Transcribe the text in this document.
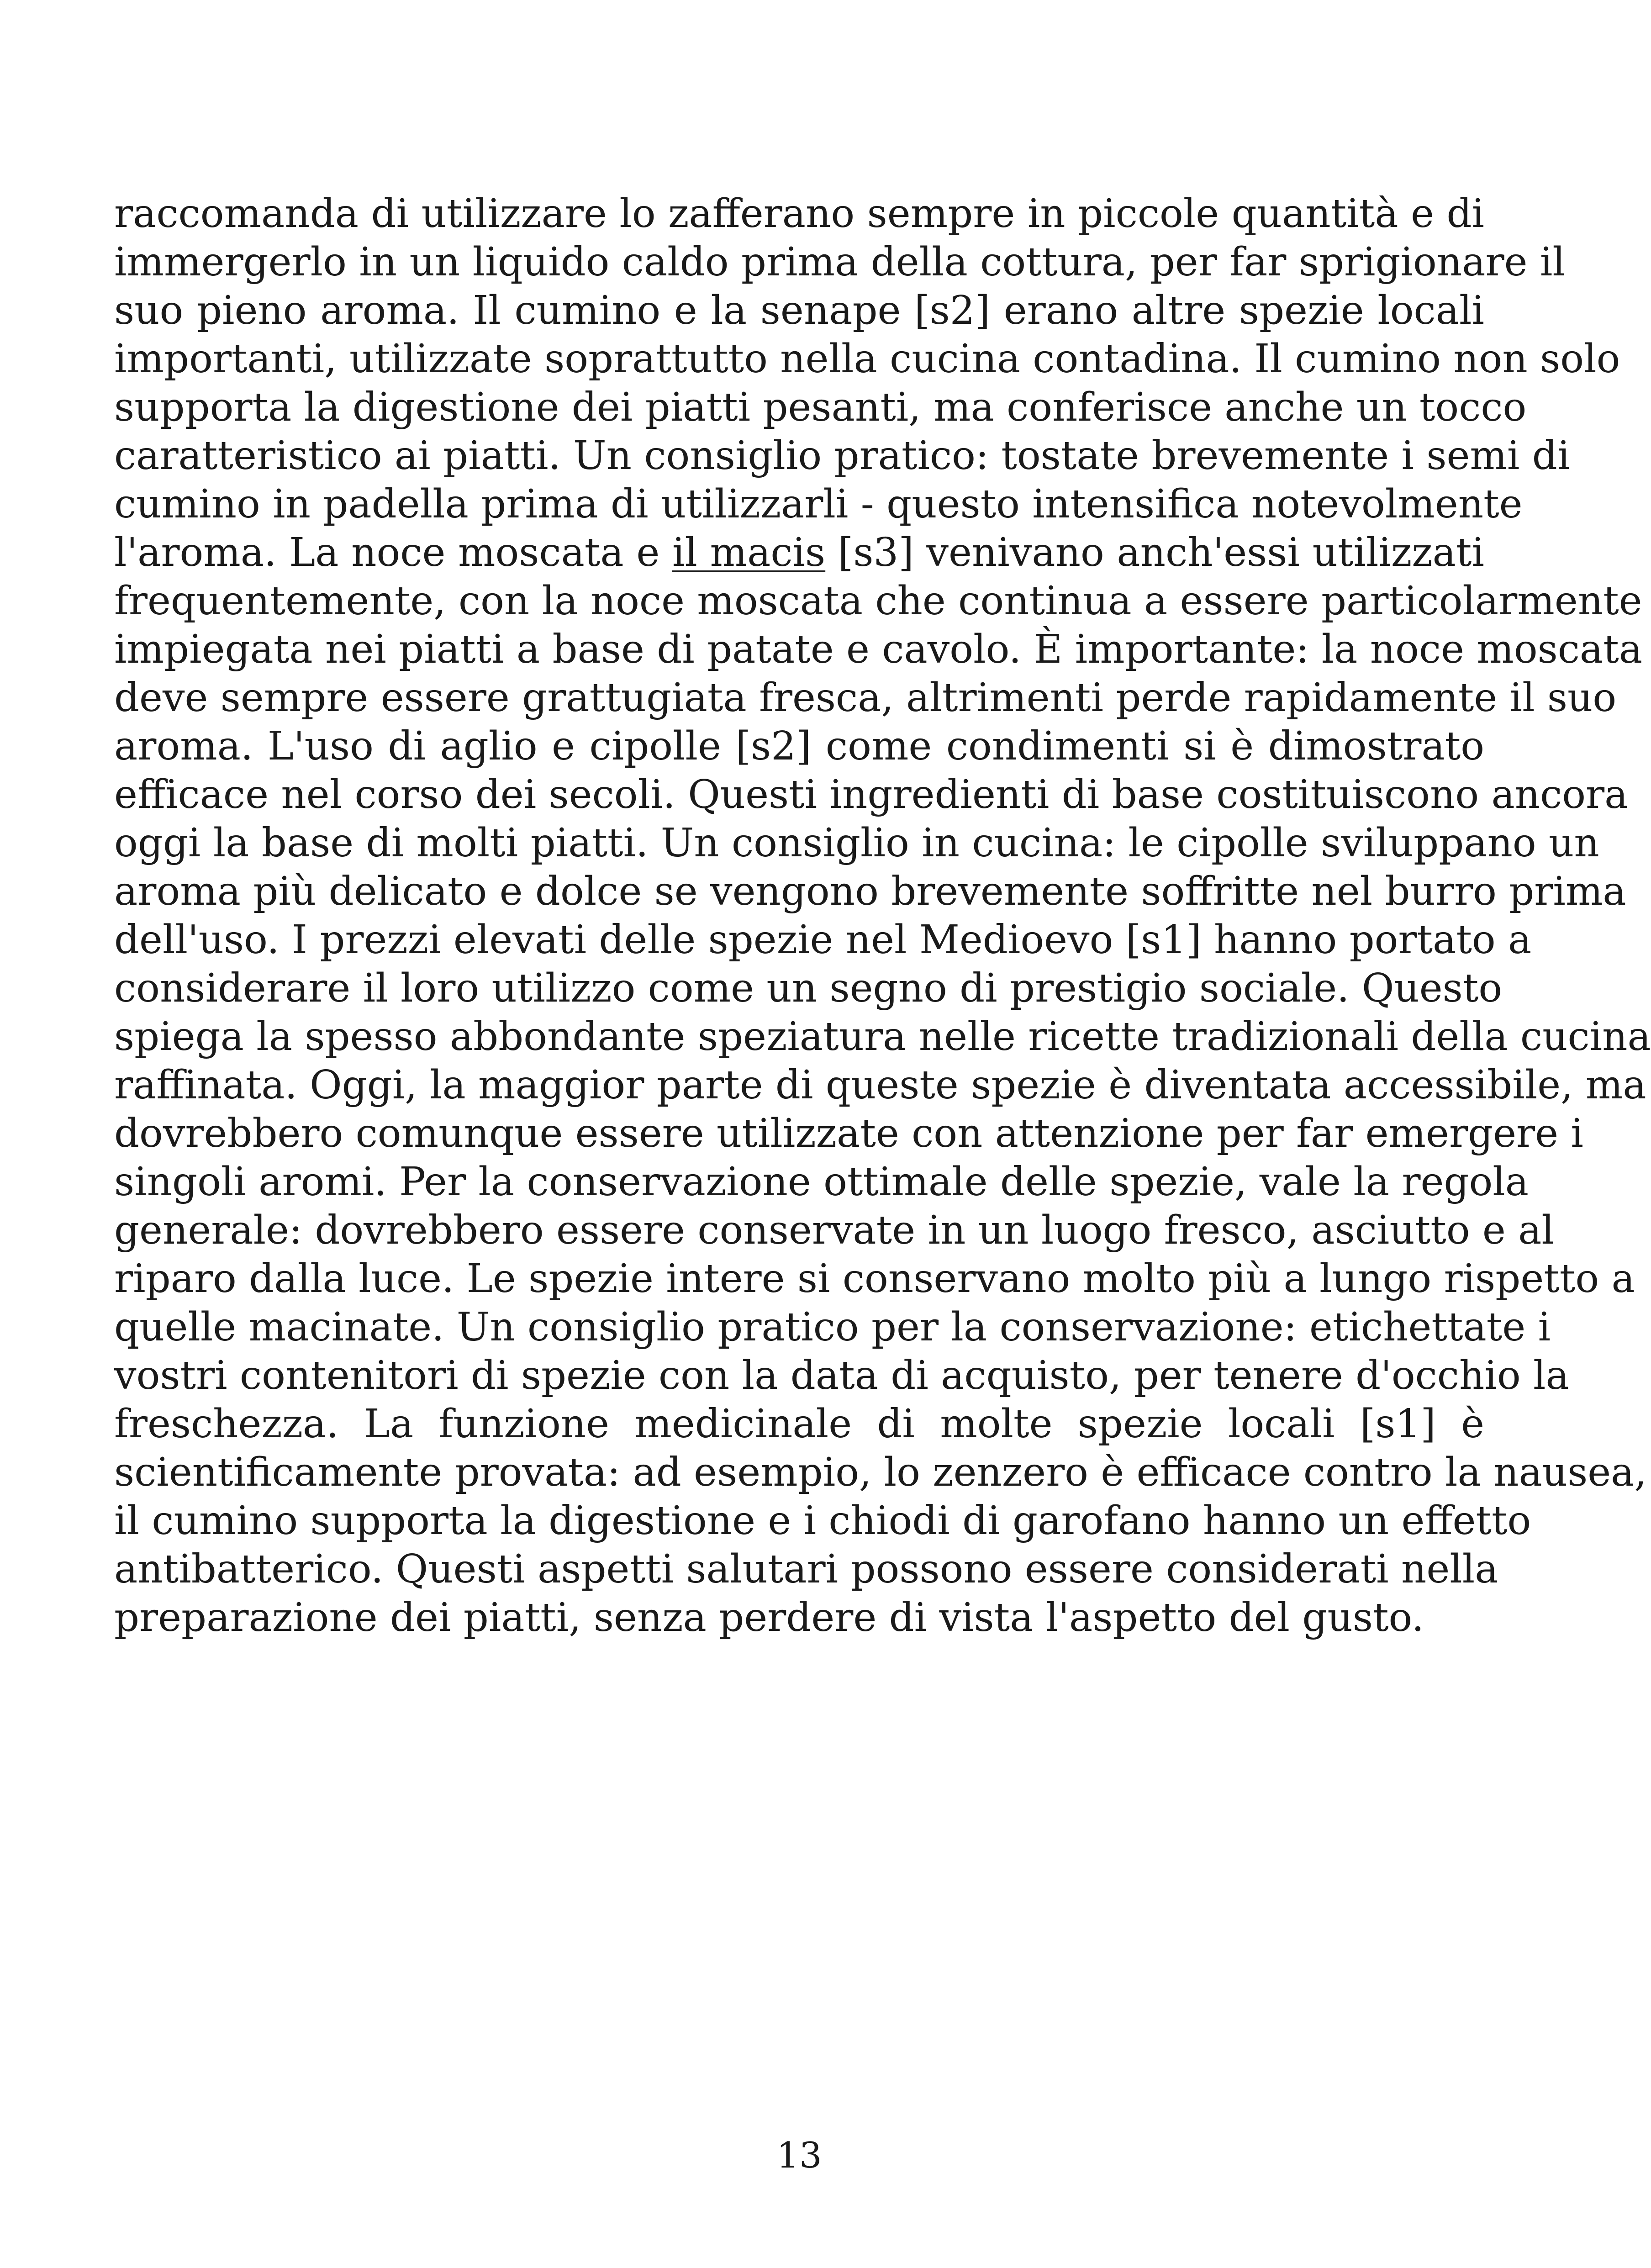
raccomanda di utilizzare lo zafferano sempre in piccole quantità e di
immergerlo in un liquido caldo prima della cottura, per far sprigionare il
suo pieno aroma. Il cumino e la senape [s2] erano altre spezie locali
importanti, utilizzate soprattutto nella cucina contadina. Il cumino non solo
supporta la digestione dei piatti pesanti, ma conferisce anche un tocco
caratteristico ai piatti. Un consiglio pratico: tostate brevemente i semi di
cumino in padella prima di utilizzarli - questo intensifica notevolmente
l'aroma. La noce moscata e il macis [s3] venivano anch'essi utilizzati
frequentemente, con la noce moscata che continua a essere particolarmente
impiegata nei piatti a base di patate e cavolo. È importante: la noce moscata
deve sempre essere grattugiata fresca, altrimenti perde rapidamente il suo
aroma. L'uso di aglio e cipolle [s2] come condimenti si è dimostrato
efficace nel corso dei secoli. Questi ingredienti di base costituiscono ancora
oggi la base di molti piatti. Un consiglio in cucina: le cipolle sviluppano un
aroma più delicato e dolce se vengono brevemente soffritte nel burro prima
dell'uso. I prezzi elevati delle spezie nel Medioevo [s1] hanno portato a
considerare il loro utilizzo come un segno di prestigio sociale. Questo
spiega la spesso abbondante speziatura nelle ricette tradizionali della cucina
raffinata. Oggi, la maggior parte di queste spezie è diventata accessibile, ma
dovrebbero comunque essere utilizzate con attenzione per far emergere i
singoli aromi. Per la conservazione ottimale delle spezie, vale la regola
generale: dovrebbero essere conservate in un luogo fresco, asciutto e al
riparo dalla luce. Le spezie intere si conservano molto più a lungo rispetto a
quelle macinate. Un consiglio pratico per la conservazione: etichettate i
vostri contenitori di spezie con la data di acquisto, per tenere d'occhio la
freschezza. La funzione medicinale di molte spezie locali [s1] è
scientificamente provata: ad esempio, lo zenzero è efficace contro la nausea,
il cumino supporta la digestione e i chiodi di garofano hanno un effetto
antibatterico. Questi aspetti salutari possono essere considerati nella
preparazione dei piatti, senza perdere di vista l'aspetto del gusto.
13
